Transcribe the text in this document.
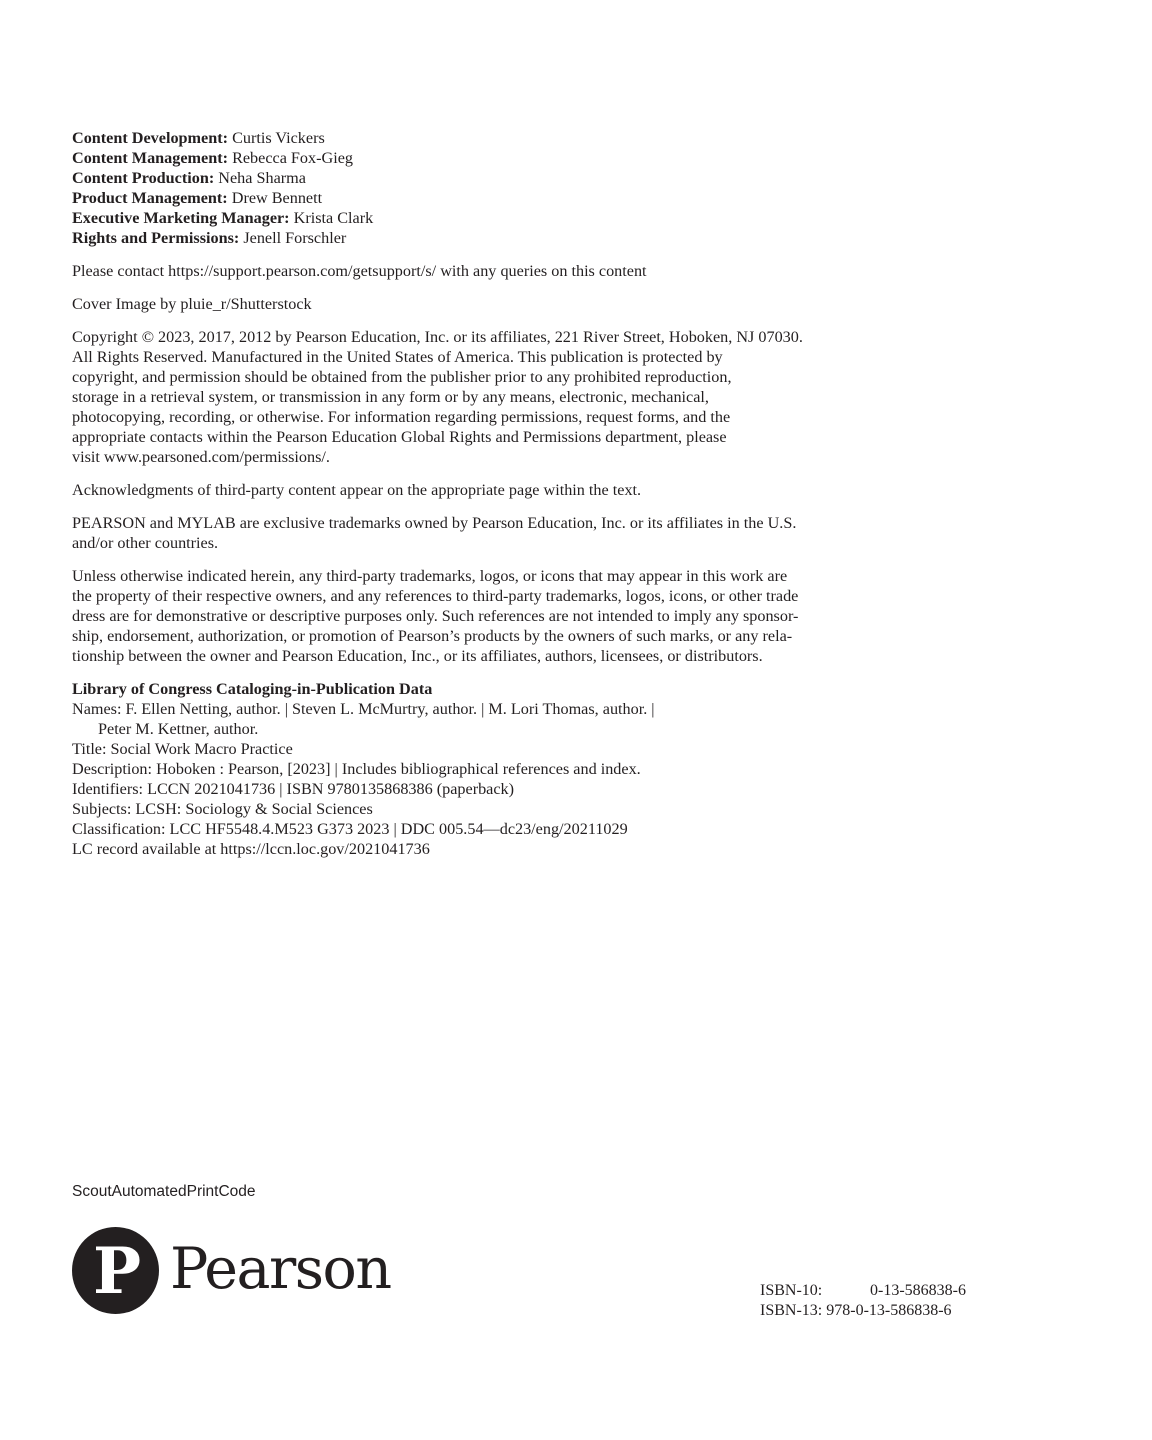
Content Development: Curtis Vickers
Content Management: Rebecca Fox-Gieg
Content Production: Neha Sharma
Product Management: Drew Bennett
Executive Marketing Manager: Krista Clark
Rights and Permissions: Jenell Forschler
Please contact https://support.pearson.com/getsupport/s/ with any queries on this content
Cover Image by pluie_r/Shutterstock
Copyright © 2023, 2017, 2012 by Pearson Education, Inc. or its affiliates, 221 River Street, Hoboken, NJ 07030.
All Rights Reserved. Manufactured in the United States of America. This publication is protected by
copyright, and permission should be obtained from the publisher prior to any prohibited reproduction,
storage in a retrieval system, or transmission in any form or by any means, electronic, mechanical,
photocopying, recording, or otherwise. For information regarding permissions, request forms, and the
appropriate contacts within the Pearson Education Global Rights and Permissions department, please
visit www.pearsoned.com/permissions/.
Acknowledgments of third-party content appear on the appropriate page within the text.
PEARSON and MYLAB are exclusive trademarks owned by Pearson Education, Inc. or its affiliates in the U.S.
and/or other countries.
Unless otherwise indicated herein, any third-party trademarks, logos, or icons that may appear in this work are
the property of their respective owners, and any references to third-party trademarks, logos, icons, or other trade
dress are for demonstrative or descriptive purposes only. Such references are not intended to imply any sponsor-
ship, endorsement, authorization, or promotion of Pearson’s products by the owners of such marks, or any rela-
tionship between the owner and Pearson Education, Inc., or its affiliates, authors, licensees, or distributors.
Library of Congress Cataloging-in-Publication Data
Names: F. Ellen Netting, author. | Steven L. McMurtry, author. | M. Lori Thomas, author. |
Peter M. Kettner, author.
Title: Social Work Macro Practice
Description: Hoboken : Pearson, [2023] | Includes bibliographical references and index.
Identifiers: LCCN 2021041736 | ISBN 9780135868386 (paperback)
Subjects: LCSH: Sociology & Social Sciences
Classification: LCC HF5548.4.M523 G373 2023 | DDC 005.54—dc23/eng/20211029
LC record available at https://lccn.loc.gov/2021041736
ScoutAutomatedPrintCode
P Pearson	ISBN-10:	0-13-586838-6
ISBN-13: 978-0-13-586838-6
